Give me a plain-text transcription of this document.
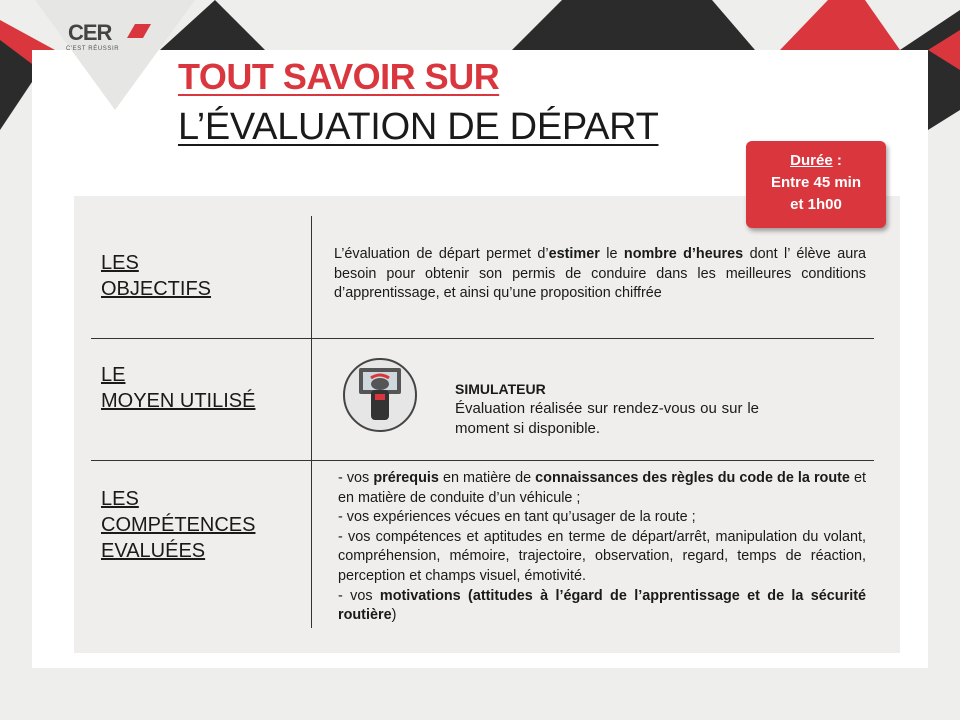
CER
C'EST RÉUSSIR
TOUT SAVOIR SUR
L’ÉVALUATION DE DÉPART
Durée :
Entre 45 min
et 1h00
LES
OBJECTIFS
L’évaluation de départ permet d’estimer le nombre d’heures dont l’ élève aura besoin pour obtenir son permis de conduire dans les meilleures conditions d’apprentissage, et ainsi qu’une proposition chiffrée
LE
MOYEN UTILISÉ
SIMULATEUR
Évaluation réalisée sur rendez-vous ou sur le moment si disponible.
LES
COMPÉTENCES
EVALUÉES
- vos prérequis en matière de connaissances des règles du code de la route et en matière de conduite d’un véhicule ;
- vos expériences vécues en tant qu’usager de la route ;
- vos compétences et aptitudes en terme de départ/arrêt, manipulation du volant, compréhension, mémoire, trajectoire, observation, regard, temps de réaction, perception et champs visuel, émotivité.
- vos motivations (attitudes à l’égard de l’apprentissage et de la sécurité routière)
